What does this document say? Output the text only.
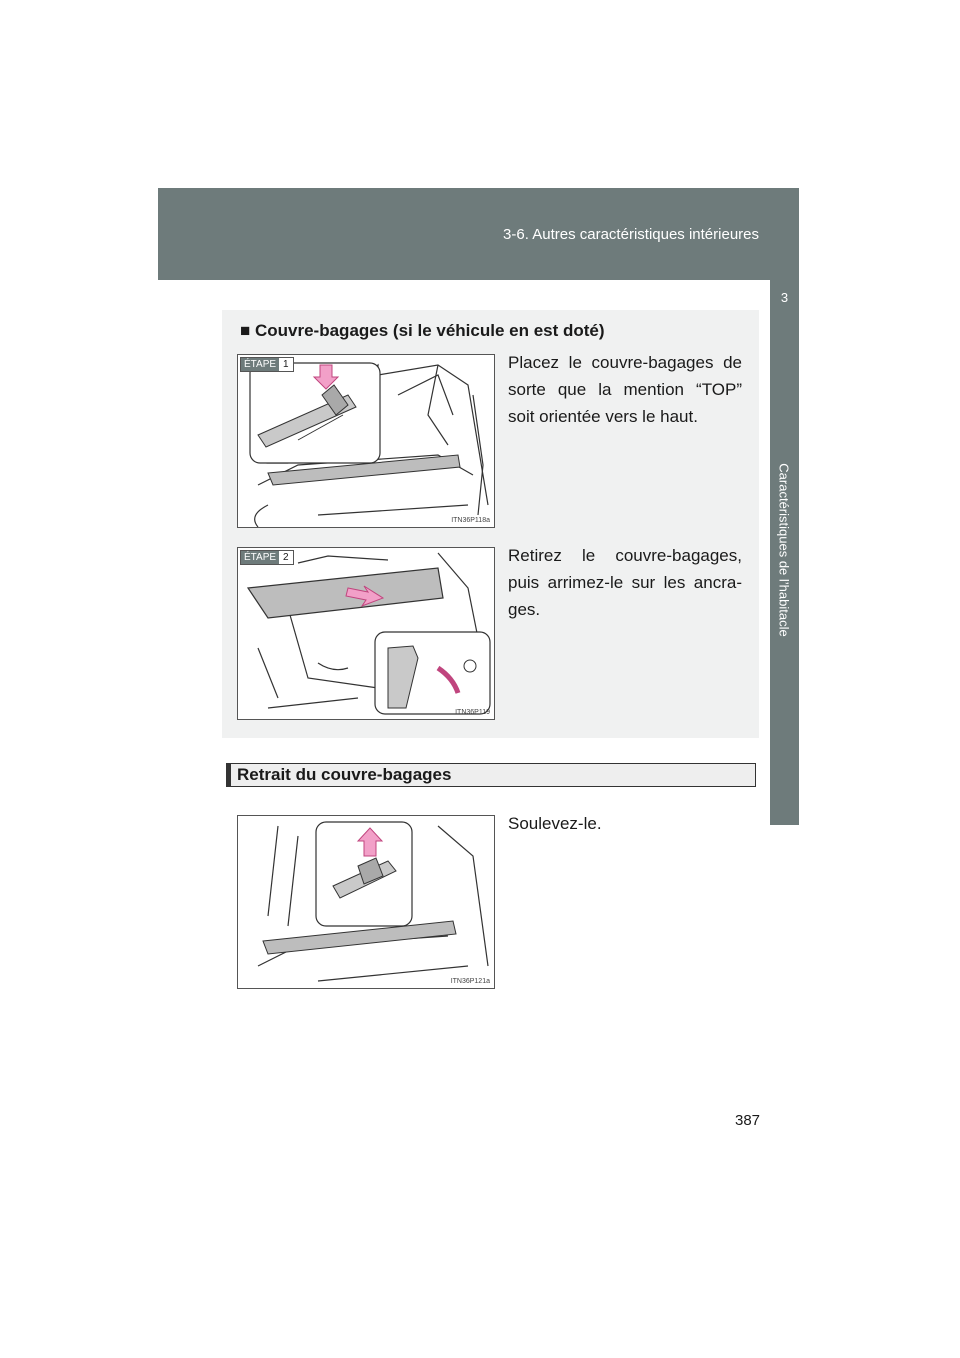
3-6. Autres caractéristiques intérieures
3
Caractéristiques de l’habitacle
■ Couvre-bagages (si le véhicule en est doté)
ÉTAPE 1
ITN36P118a
Placez le couvre-bagages de sorte que la mention “TOP” soit orientée vers le haut.
ÉTAPE 2
ITN36P119
Retirez le couvre-bagages, puis arrimez-le sur les ancra-ges.
Retrait du couvre-bagages
ITN36P121a
Soulevez-le.
387
